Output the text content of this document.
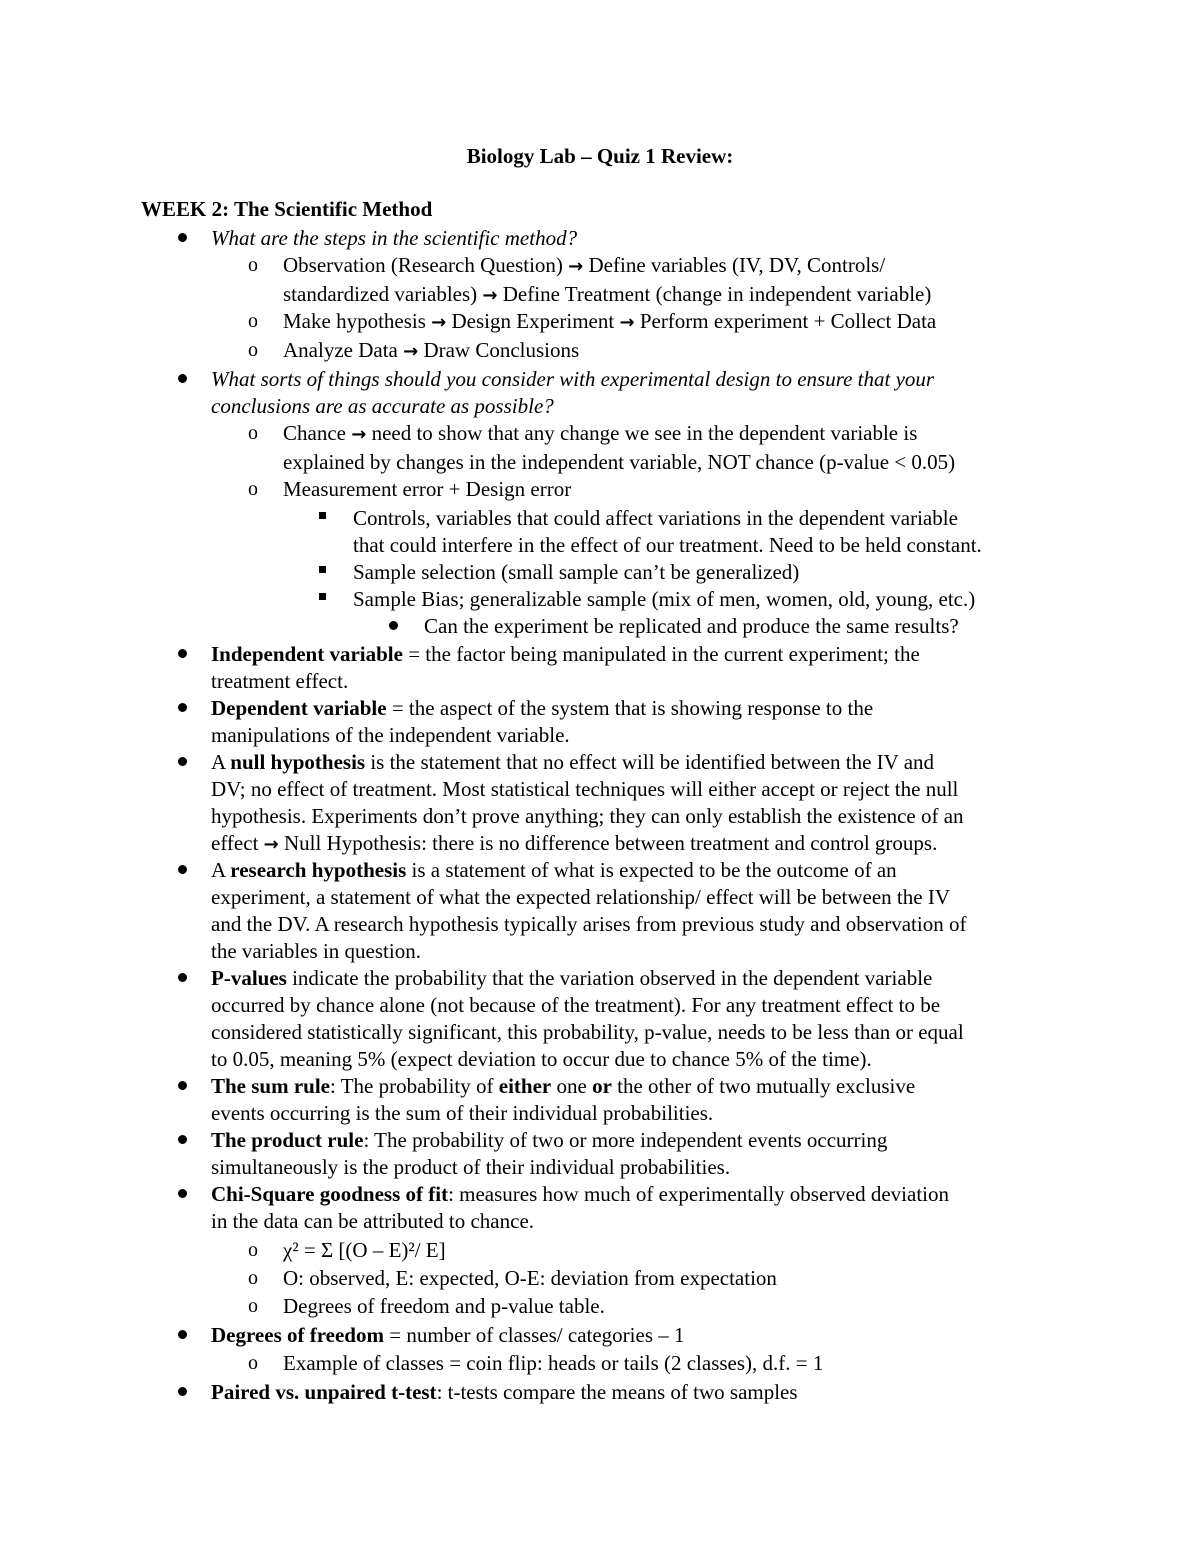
Biology Lab – Quiz 1 Review:
WEEK 2: The Scientific Method
What are the steps in the scientific method?
o Observation (Research Question) → Define variables (IV, DV, Controls/
standardized variables) → Define Treatment (change in independent variable)
o Make hypothesis → Design Experiment → Perform experiment + Collect Data
o Analyze Data → Draw Conclusions
What sorts of things should you consider with experimental design to ensure that your
conclusions are as accurate as possible?
o Chance → need to show that any change we see in the dependent variable is
explained by changes in the independent variable, NOT chance (p-value < 0.05)
o Measurement error + Design error
Controls, variables that could affect variations in the dependent variable
that could interfere in the effect of our treatment. Need to be held constant.
Sample selection (small sample can’t be generalized)
Sample Bias; generalizable sample (mix of men, women, old, young, etc.)
Can the experiment be replicated and produce the same results?
Independent variable = the factor being manipulated in the current experiment; the
treatment effect.
Dependent variable = the aspect of the system that is showing response to the
manipulations of the independent variable.
A null hypothesis is the statement that no effect will be identified between the IV and
DV; no effect of treatment. Most statistical techniques will either accept or reject the null
hypothesis. Experiments don’t prove anything; they can only establish the existence of an
effect → Null Hypothesis: there is no difference between treatment and control groups.
A research hypothesis is a statement of what is expected to be the outcome of an
experiment, a statement of what the expected relationship/ effect will be between the IV
and the DV. A research hypothesis typically arises from previous study and observation of
the variables in question.
P-values indicate the probability that the variation observed in the dependent variable
occurred by chance alone (not because of the treatment). For any treatment effect to be
considered statistically significant, this probability, p-value, needs to be less than or equal
to 0.05, meaning 5% (expect deviation to occur due to chance 5% of the time).
The sum rule: The probability of either one or the other of two mutually exclusive
events occurring is the sum of their individual probabilities.
The product rule: The probability of two or more independent events occurring
simultaneously is the product of their individual probabilities.
Chi-Square goodness of fit: measures how much of experimentally observed deviation
in the data can be attributed to chance.
o χ² = Σ [(O – E)²/ E]
o O: observed, E: expected, O-E: deviation from expectation
o Degrees of freedom and p-value table.
Degrees of freedom = number of classes/ categories – 1
o Example of classes = coin flip: heads or tails (2 classes), d.f. = 1
Paired vs. unpaired t-test: t-tests compare the means of two samples
